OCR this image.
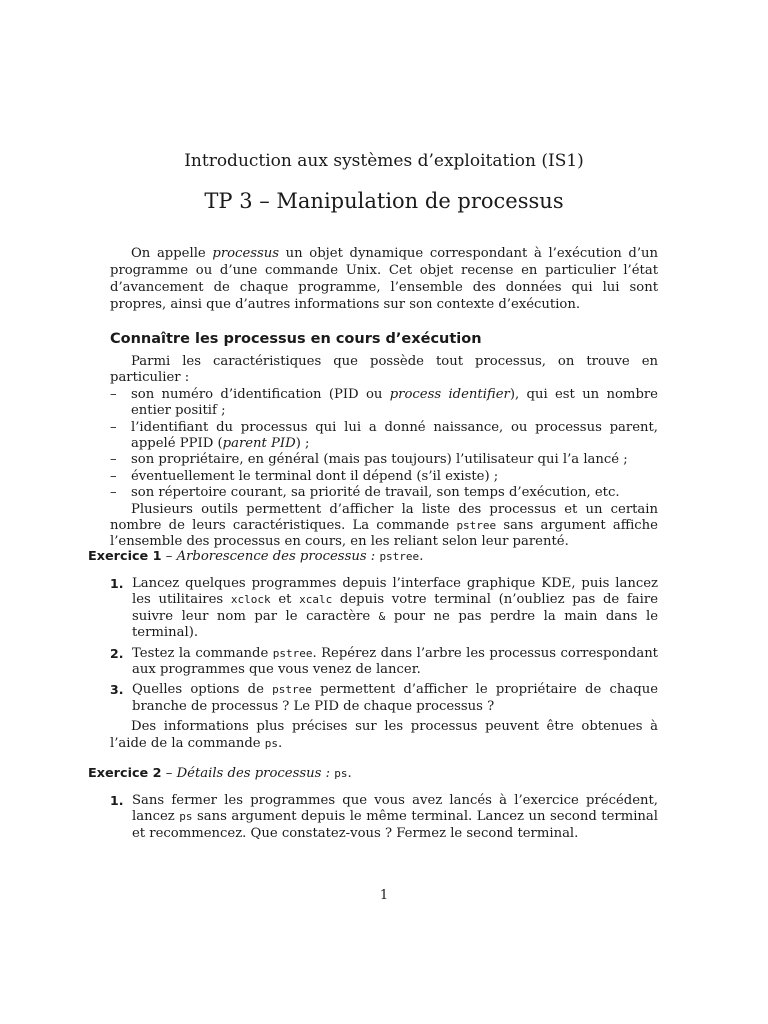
Introduction aux systèmes d’exploitation (IS1)
TP 3 – Manipulation de processus

On appelle processus un objet dynamique correspondant à l’exécution d’un programme ou d’une commande Unix. Cet objet recense en particulier l’état d’avancement de chaque programme, l’ensemble des données qui lui sont propres, ainsi que d’autres informations sur son contexte d’exécution.

Connaître les processus en cours d’exécution

Parmi les caractéristiques que possède tout processus, on trouve en particulier :

– son numéro d’identification (PID ou process identifier), qui est un nombre entier positif ;
– l’identifiant du processus qui lui a donné naissance, ou processus parent, appelé PPID (parent PID) ;
– son propriétaire, en général (mais pas toujours) l’utilisateur qui l’a lancé ;
– éventuellement le terminal dont il dépend (s’il existe) ;
– son répertoire courant, sa priorité de travail, son temps d’exécution, etc.

Plusieurs outils permettent d’afficher la liste des processus et un certain nombre de leurs caractéristiques. La commande pstree sans argument affiche l’ensemble des processus en cours, en les reliant selon leur parenté.

Exercice 1 – Arborescence des processus : pstree.

1. Lancez quelques programmes depuis l’interface graphique KDE, puis lancez les utilitaires xclock et xcalc depuis votre terminal (n’oubliez pas de faire suivre leur nom par le caractère & pour ne pas perdre la main dans le terminal).
2. Testez la commande pstree. Repérez dans l’arbre les processus correspondant aux programmes que vous venez de lancer.
3. Quelles options de pstree permettent d’afficher le propriétaire de chaque branche de processus ? Le PID de chaque processus ?

Des informations plus précises sur les processus peuvent être obtenues à l’aide de la commande ps.

Exercice 2 – Détails des processus : ps.

1. Sans fermer les programmes que vous avez lancés à l’exercice précédent, lancez ps sans argument depuis le même terminal. Lancez un second terminal et recommencez. Que constatez-vous ? Fermez le second terminal.
1
